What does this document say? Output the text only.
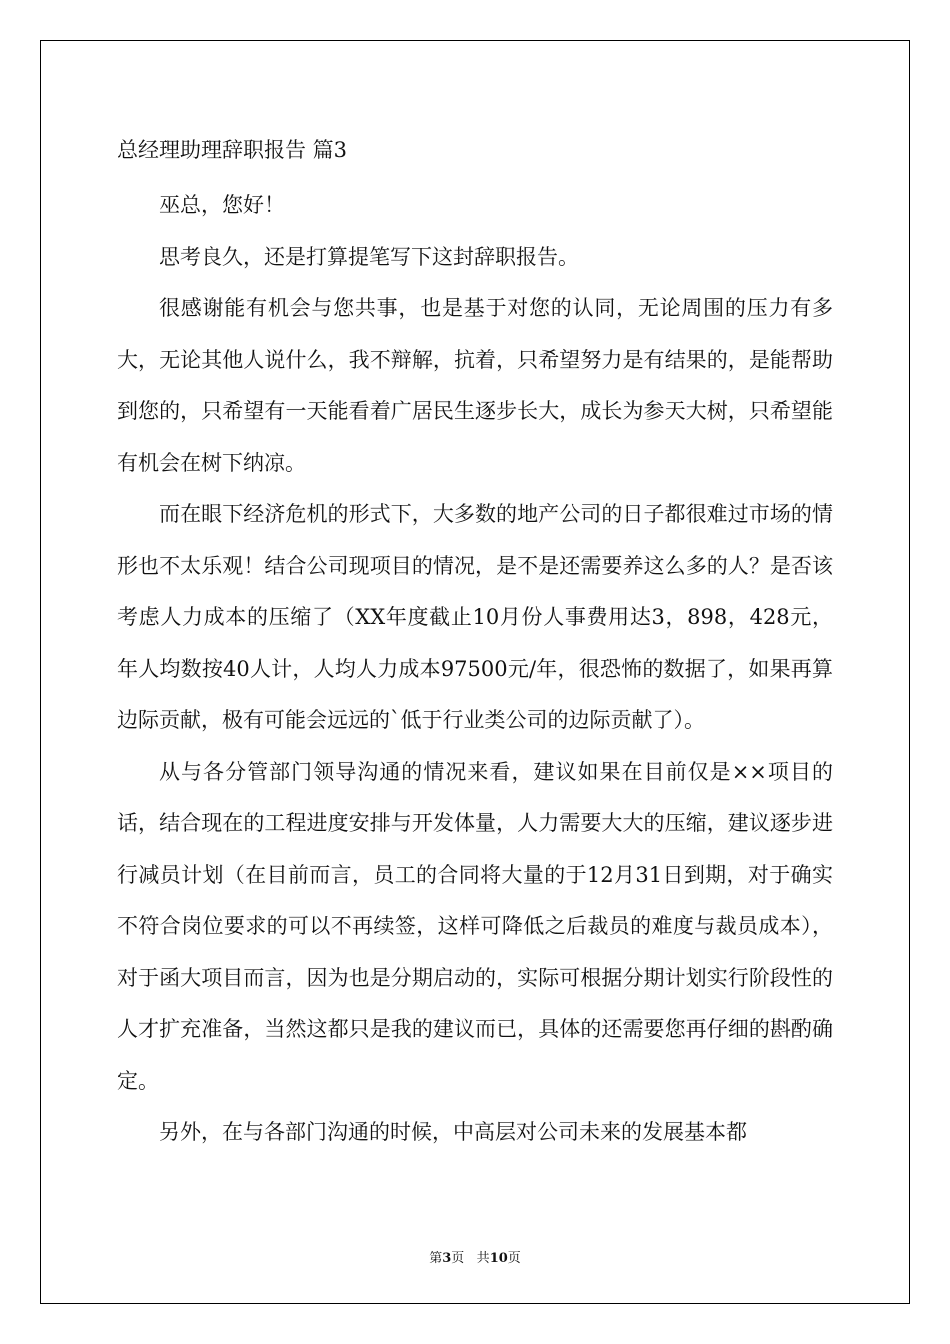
总经理助理辞职报告 篇3

巫总，您好！

思考良久，还是打算提笔写下这封辞职报告。

很感谢能有机会与您共事，也是基于对您的认同，无论周围的压力有多大，无论其他人说什么，我不辩解，抗着，只希望努力是有结果的，是能帮助到您的，只希望有一天能看着广居民生逐步长大，成长为参天大树，只希望能有机会在树下纳凉。

而在眼下经济危机的形式下，大多数的地产公司的日子都很难过市场的情形也不太乐观！结合公司现项目的情况，是不是还需要养这么多的人？是否该考虑人力成本的压缩了（XX年度截止10月份人事费用达3，898，428元，年人均数按40人计，人均人力成本97500元/年，很恐怖的数据了，如果再算边际贡献，极有可能会远远的`低于行业类公司的边际贡献了）。

从与各分管部门领导沟通的情况来看，建议如果在目前仅是××项目的话，结合现在的工程进度安排与开发体量，人力需要大大的压缩，建议逐步进行减员计划（在目前而言，员工的合同将大量的于12月31日到期，对于确实不符合岗位要求的可以不再续签，这样可降低之后裁员的难度与裁员成本），对于函大项目而言，因为也是分期启动的，实际可根据分期计划实行阶段性的人才扩充准备，当然这都只是我的建议而已，具体的还需要您再仔细的斟酌确定。

另外，在与各部门沟通的时候，中高层对公司未来的发展基本都

第3页 共10页
